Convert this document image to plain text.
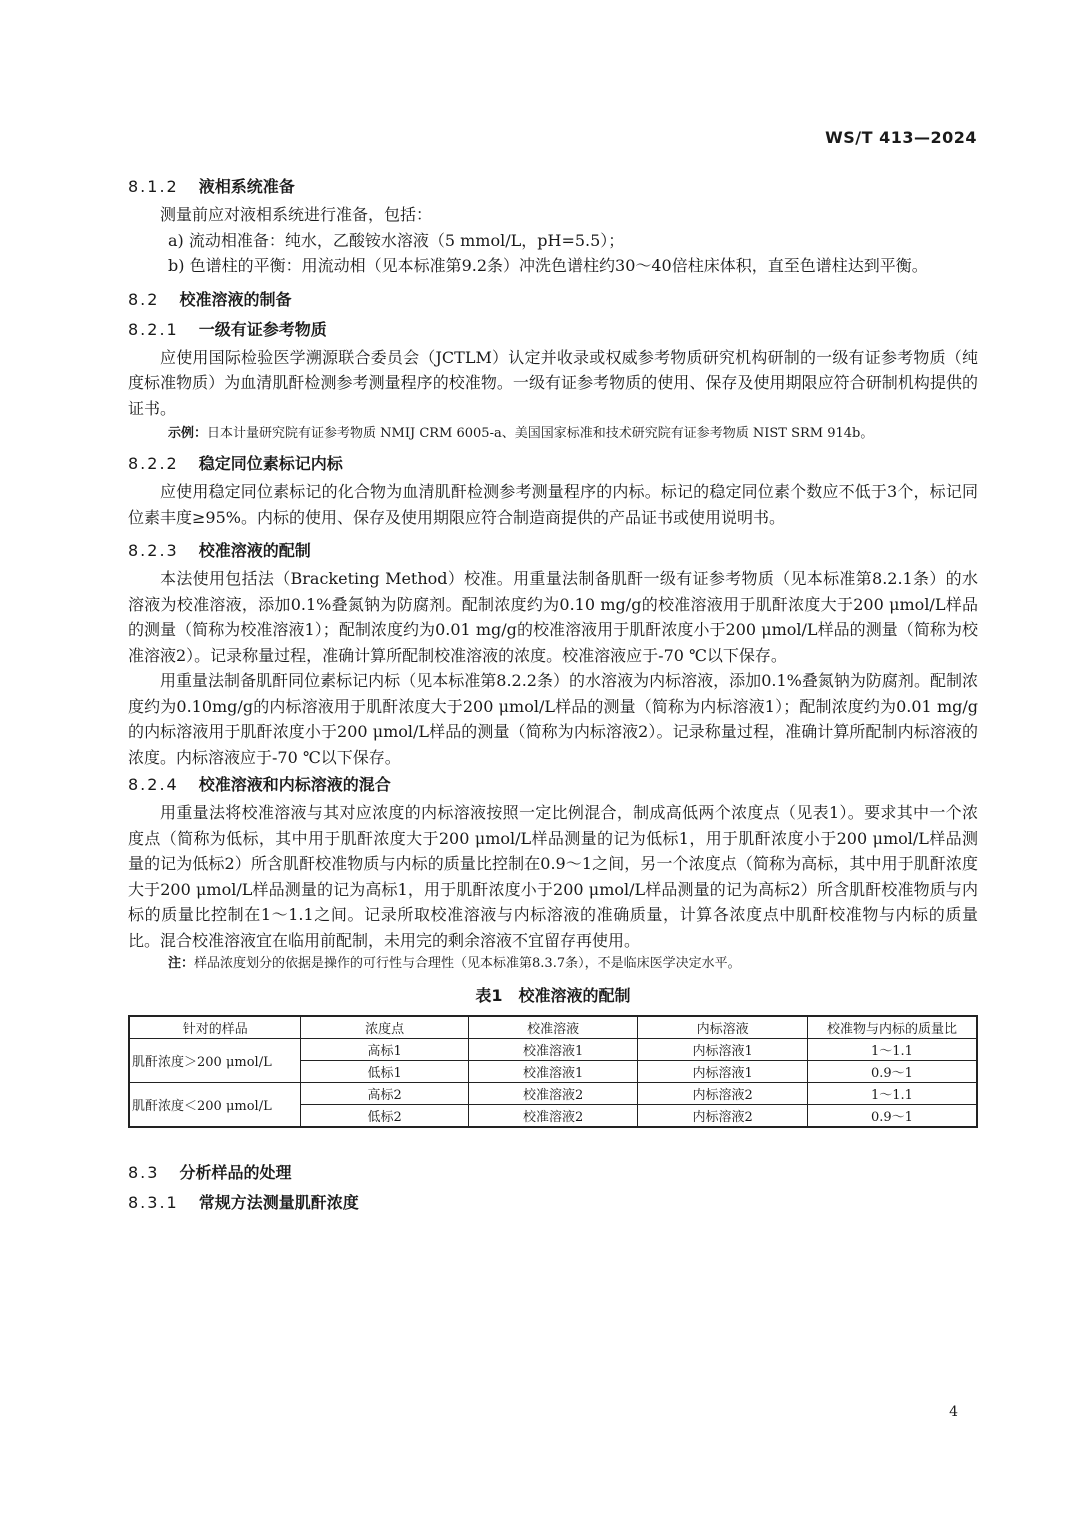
WS/T 413—2024
8.1.2 液相系统准备

测量前应对液相系统进行准备，包括：

a) 流动相准备：纯水，乙酸铵水溶液（5 mmol/L，pH=5.5）；

b) 色谱柱的平衡：用流动相（见本标准第9.2条）冲洗色谱柱约30～40倍柱床体积，直至色谱柱达到平衡。

8.2 校准溶液的制备
8.2.1 一级有证参考物质

应使用国际检验医学溯源联合委员会（JCTLM）认定并收录或权威参考物质研究机构研制的一级有证参考物质（纯度标准物质）为血清肌酐检测参考测量程序的校准物。一级有证参考物质的使用、保存及使用期限应符合研制机构提供的证书。

示例：日本计量研究院有证参考物质 NMIJ CRM 6005-a、美国国家标准和技术研究院有证参考物质 NIST SRM 914b。

8.2.2 稳定同位素标记内标

应使用稳定同位素标记的化合物为血清肌酐检测参考测量程序的内标。标记的稳定同位素个数应不低于3个，标记同位素丰度≥95%。内标的使用、保存及使用期限应符合制造商提供的产品证书或使用说明书。

8.2.3 校准溶液的配制

本法使用包括法（Bracketing Method）校准。用重量法制备肌酐一级有证参考物质（见本标准第8.2.1条）的水溶液为校准溶液，添加0.1%叠氮钠为防腐剂。配制浓度约为0.10 mg/g的校准溶液用于肌酐浓度大于200 μmol/L样品的测量（简称为校准溶液1）；配制浓度约为0.01 mg/g的校准溶液用于肌酐浓度小于200 μmol/L样品的测量（简称为校准溶液2）。记录称量过程，准确计算所配制校准溶液的浓度。校准溶液应于-70 ℃以下保存。

用重量法制备肌酐同位素标记内标（见本标准第8.2.2条）的水溶液为内标溶液，添加0.1%叠氮钠为防腐剂。配制浓度约为0.10mg/g的内标溶液用于肌酐浓度大于200 μmol/L样品的测量（简称为内标溶液1）；配制浓度约为0.01 mg/g的内标溶液用于肌酐浓度小于200 μmol/L样品的测量（简称为内标溶液2）。记录称量过程，准确计算所配制内标溶液的浓度。内标溶液应于-70 ℃以下保存。

8.2.4 校准溶液和内标溶液的混合

用重量法将校准溶液与其对应浓度的内标溶液按照一定比例混合，制成高低两个浓度点（见表1）。要求其中一个浓度点（简称为低标，其中用于肌酐浓度大于200 μmol/L样品测量的记为低标1，用于肌酐浓度小于200 μmol/L样品测量的记为低标2）所含肌酐校准物质与内标的质量比控制在0.9～1之间，另一个浓度点（简称为高标，其中用于肌酐浓度大于200 μmol/L样品测量的记为高标1，用于肌酐浓度小于200 μmol/L样品测量的记为高标2）所含肌酐校准物质与内标的质量比控制在1～1.1之间。记录所取校准溶液与内标溶液的准确质量，计算各浓度点中肌酐校准物与内标的质量比。混合校准溶液宜在临用前配制，未用完的剩余溶液不宜留存再使用。

注：样品浓度划分的依据是操作的可行性与合理性（见本标准第8.3.7条），不是临床医学决定水平。

表1　校准溶液的配制
针对的样品	浓度点	校准溶液	内标溶液	校准物与内标的质量比
肌酐浓度＞200 μmol/L	高标1	校准溶液1	内标溶液1	1～1.1
	低标1	校准溶液1	内标溶液1	0.9～1
肌酐浓度＜200 μmol/L	高标2	校准溶液2	内标溶液2	1～1.1
	低标2	校准溶液2	内标溶液2	0.9～1
8.3 分析样品的处理
8.3.1 常规方法测量肌酐浓度
4
